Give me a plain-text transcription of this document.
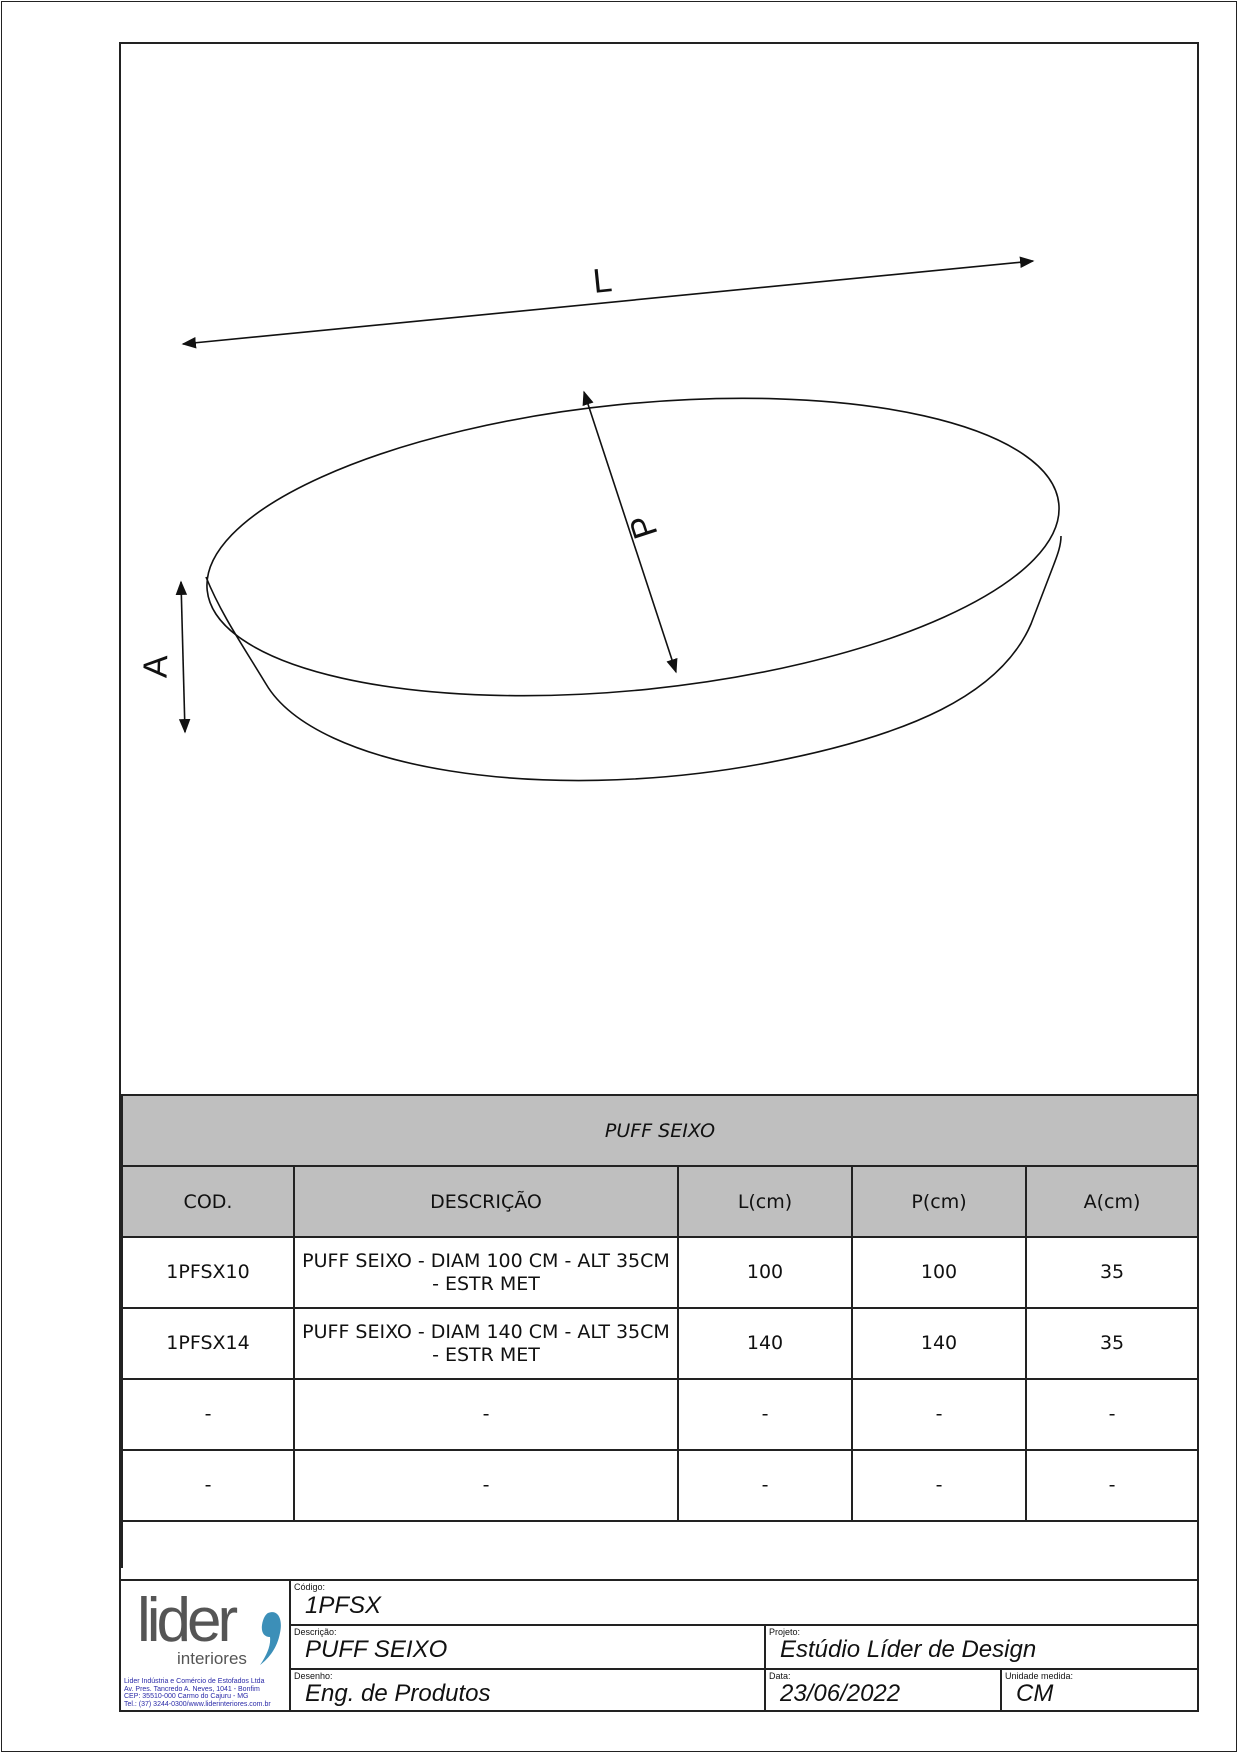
L
P
A
PUFF SEIXO				
COD.	DESCRIÇÃO	L(cm)	P(cm)	A(cm)
1PFSX10	PUFF SEIXO - DIAM 100 CM - ALT 35CM - ESTR MET	100	100	35
1PFSX14	PUFF SEIXO - DIAM 140 CM - ALT 35CM - ESTR MET	140	140	35
-	-	-	-	-
-	-	-	-	-

lider
interiores
Lider Indústria e Comércio de Estofados Ltda
Av. Pres. Tancredo A. Neves, 1041 - Bonfim
CEP: 35510-000 Carmo do Cajuru - MG
Tel.: (37) 3244-0300/www.liderinteriores.com.br
Código:
1PFSX
Descrição:
PUFF SEIXO
Projeto:
Estúdio Líder de Design
Desenho:
Eng. de Produtos
Data:
23/06/2022
Unidade medida:
CM
